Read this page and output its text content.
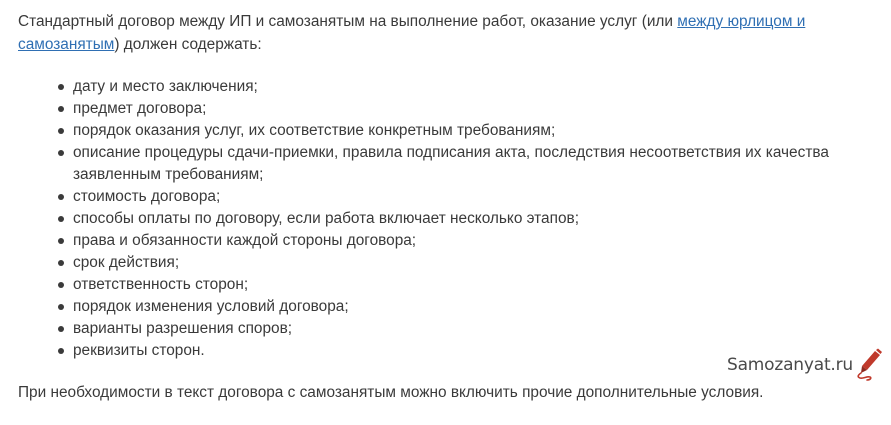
Стандартный договор между ИП и самозанятым на выполнение работ, оказание услуг (или между юрлицом и самозанятым) должен содержать:

дату и место заключения;
предмет договора;
порядок оказания услуг, их соответствие конкретным требованиям;
описание процедуры сдачи-приемки, правила подписания акта, последствия несоответствия их качества заявленным требованиям;
стоимость договора;
способы оплаты по договору, если работа включает несколько этапов;
права и обязанности каждой стороны договора;
срок действия;
ответственность сторон;
порядок изменения условий договора;
варианты разрешения споров;
реквизиты сторон.
Samozanyat.ru

При необходимости в текст договора с самозанятым можно включить прочие дополнительные условия.
